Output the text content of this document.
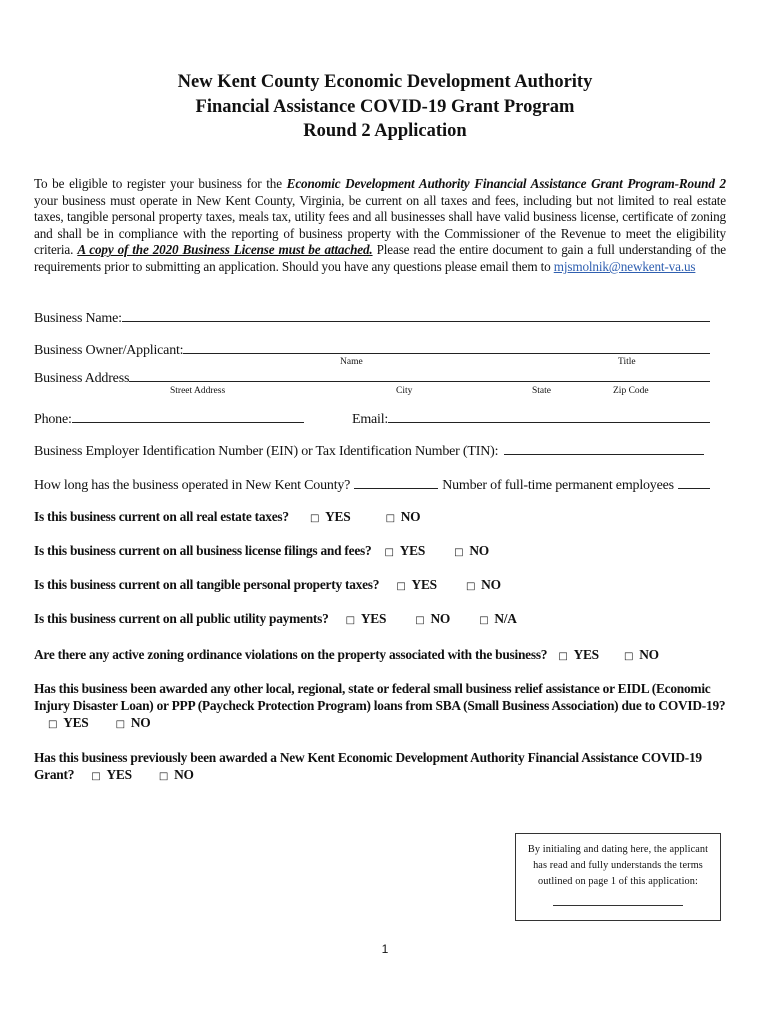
New Kent County Economic Development Authority
Financial Assistance COVID-19 Grant Program
Round 2 Application
To be eligible to register your business for the Economic Development Authority Financial Assistance Grant Program-Round 2 your business must operate in New Kent County, Virginia, be current on all taxes and fees, including but not limited to real estate taxes, tangible personal property taxes, meals tax, utility fees and all businesses shall have valid business license, certificate of zoning and shall be in compliance with the reporting of business property with the Commissioner of the Revenue to meet the eligibility criteria. A copy of the 2020 Business License must be attached. Please read the entire document to gain a full understanding of the requirements prior to submitting an application. Should you have any questions please email them to mjsmolnik@newkent-va.us
Business Name:
Business Owner/Applicant:
Name	Title
Business Address
Street Address	City	State	Zip Code
Phone:	Email:
Business Employer Identification Number (EIN) or Tax Identification Number (TIN):
How long has the business operated in New Kent County?	Number of full-time permanent employees
Is this business current on all real estate taxes? □ YES	□ NO
Is this business current on all business license filings and fees? □ YES	□ NO
Is this business current on all tangible personal property taxes? □ YES	□ NO
Is this business current on all public utility payments? □ YES	□ NO	□ N/A
Are there any active zoning ordinance violations on the property associated with the business? □ YES	□ NO
Has this business been awarded any other local, regional, state or federal small business relief assistance or EIDL (Economic Injury Disaster Loan) or PPP (Paycheck Protection Program) loans from SBA (Small Business Association) due to COVID-19? □ YES	□ NO
Has this business previously been awarded a New Kent Economic Development Authority Financial Assistance COVID-19 Grant? □ YES	□ NO
By initialing and dating here, the applicant
has read and fully understands the terms
outlined on page 1 of this application:
1
